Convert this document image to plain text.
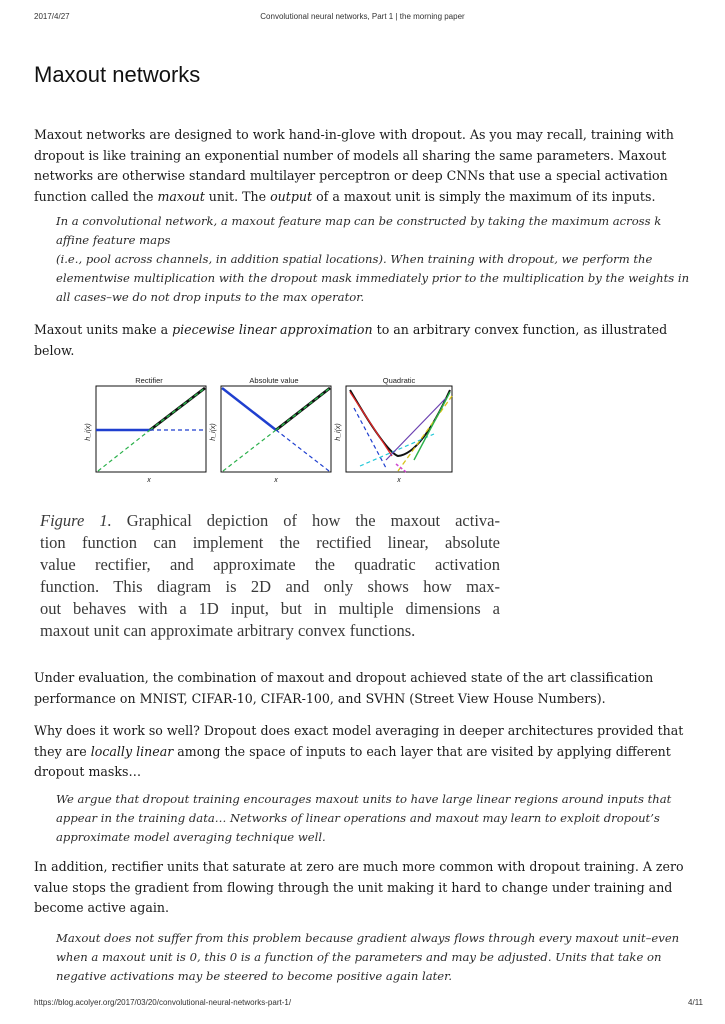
2017/4/27	Convolutional neural networks, Part 1 | the morning paper
Maxout networks

Maxout networks are designed to work hand-in-glove with dropout. As you may recall, training with dropout is like training an exponential number of models all sharing the same parameters. Maxout networks are otherwise standard multilayer perceptron or deep CNNs that use a special activation function called the maxout unit. The output of a maxout unit is simply the maximum of its inputs.

In a convolutional network, a maxout feature map can be constructed by taking the maximum across k affine feature maps
(i.e., pool across channels, in addition spatial locations). When training with dropout, we perform the elementwise multiplication with the dropout mask immediately prior to the multiplication by the weights in all cases–we do not drop inputs to the max operator.

Maxout units make a piecewise linear approximation to an arbitrary convex function, as illustrated below.

Rectifier
h_i(x)
x
Absolute value
h_i(x)
x
Quadratic
h_i(x)
x

Figure 1. Graphical depiction of how the maxout activa-
tion function can implement the rectified linear, absolute
value rectifier, and approximate the quadratic activation
function. This diagram is 2D and only shows how max-
out behaves with a 1D input, but in multiple dimensions a
maxout unit can approximate arbitrary convex functions.

Under evaluation, the combination of maxout and dropout achieved state of the art classification performance on MNIST, CIFAR-10, CIFAR-100, and SVHN (Street View House Numbers).

Why does it work so well? Dropout does exact model averaging in deeper architectures provided that they are locally linear among the space of inputs to each layer that are visited by applying different dropout masks…

We argue that dropout training encourages maxout units to have large linear regions around inputs that appear in the training data… Networks of linear operations and maxout may learn to exploit dropout’s approximate model averaging technique well.

In addition, rectifier units that saturate at zero are much more common with dropout training. A zero value stops the gradient from flowing through the unit making it hard to change under training and become active again.

Maxout does not suffer from this problem because gradient always flows through every maxout unit–even when a maxout unit is 0, this 0 is a function of the parameters and may be adjusted. Units that take on negative activations may be steered to become positive again later.

https://blog.acolyer.org/2017/03/20/convolutional-neural-networks-part-1/	4/11
